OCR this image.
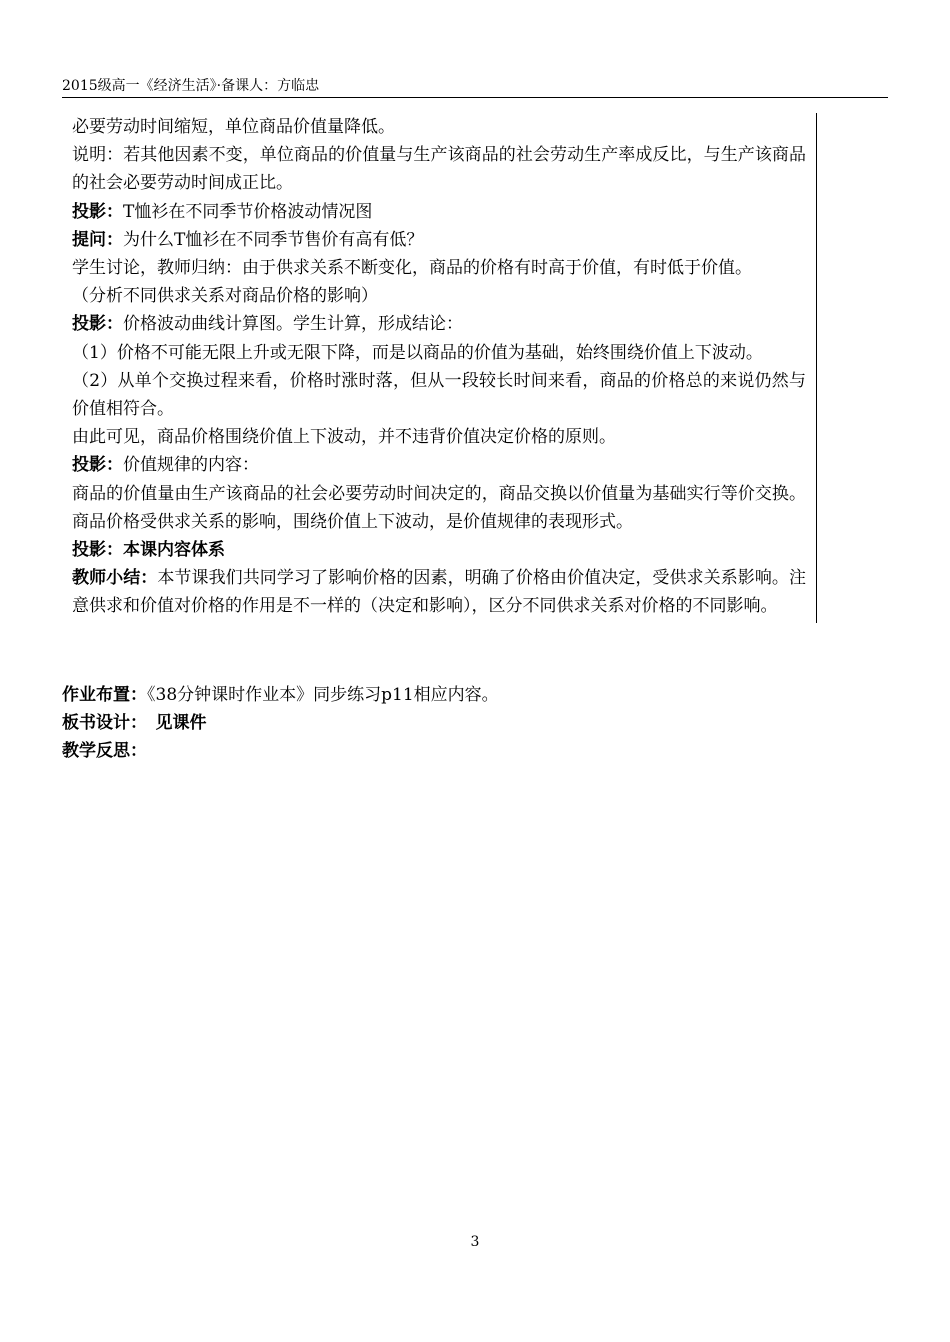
2015级高一《经济生活》·备课人：方临忠

必要劳动时间缩短，单位商品价值量降低。

说明：若其他因素不变，单位商品的价值量与生产该商品的社会劳动生产率成反比，与生产该商品的社会必要劳动时间成正比。

投影：T恤衫在不同季节价格波动情况图

提问：为什么T恤衫在不同季节售价有高有低？

学生讨论，教师归纳：由于供求关系不断变化，商品的价格有时高于价值，有时低于价值。

（分析不同供求关系对商品价格的影响）

投影：价格波动曲线计算图。学生计算，形成结论：

（1）价格不可能无限上升或无限下降，而是以商品的价值为基础，始终围绕价值上下波动。

（2）从单个交换过程来看，价格时涨时落，但从一段较长时间来看，商品的价格总的来说仍然与价值相符合。

由此可见，商品价格围绕价值上下波动，并不违背价值决定价格的原则。

投影：价值规律的内容：

商品的价值量由生产该商品的社会必要劳动时间决定的，商品交换以价值量为基础实行等价交换。商品价格受供求关系的影响，围绕价值上下波动，是价值规律的表现形式。

投影：本课内容体系

教师小结：本节课我们共同学习了影响价格的因素，明确了价格由价值决定，受供求关系影响。注意供求和价值对价格的作用是不一样的（决定和影响），区分不同供求关系对价格的不同影响。

作业布置：《38分钟课时作业本》同步练习p11相应内容。

板书设计：　见课件

教学反思：

3
